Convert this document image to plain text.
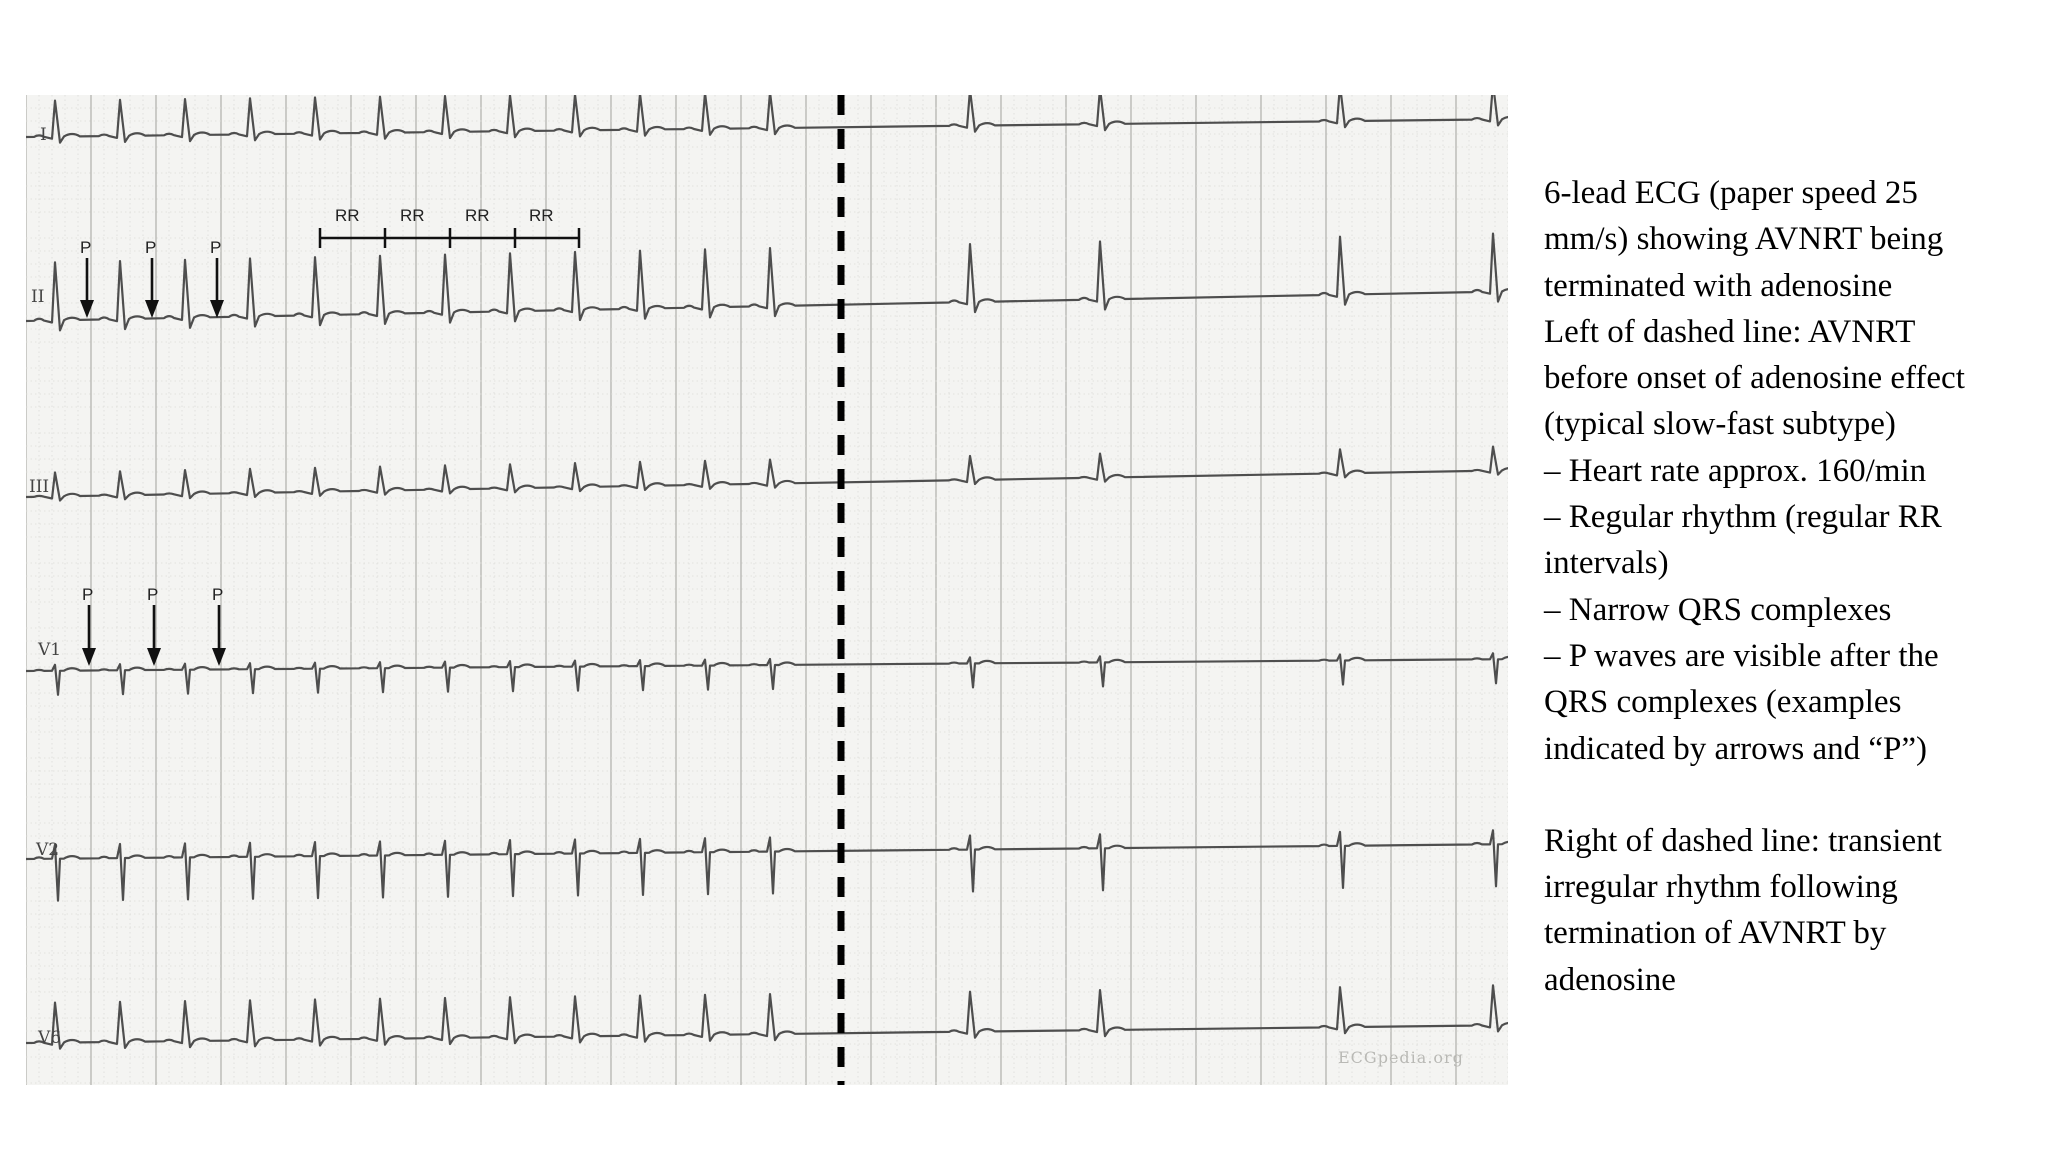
I
II
III
V1
V2
V6
P	P	P
RR RR RR RR
P	P	P
ECGpedia.org
6-lead ECG (paper speed 25
mm/s) showing AVNRT being
terminated with adenosine
Left of dashed line: AVNRT
before onset of adenosine effect
(typical slow-fast subtype)
– Heart rate approx. 160/min
– Regular rhythm (regular RR
intervals)
– Narrow QRS complexes
– P waves are visible after the
QRS complexes (examples
indicated by arrows and “P”)
Right of dashed line: transient
irregular rhythm following
termination of AVNRT by
adenosine
